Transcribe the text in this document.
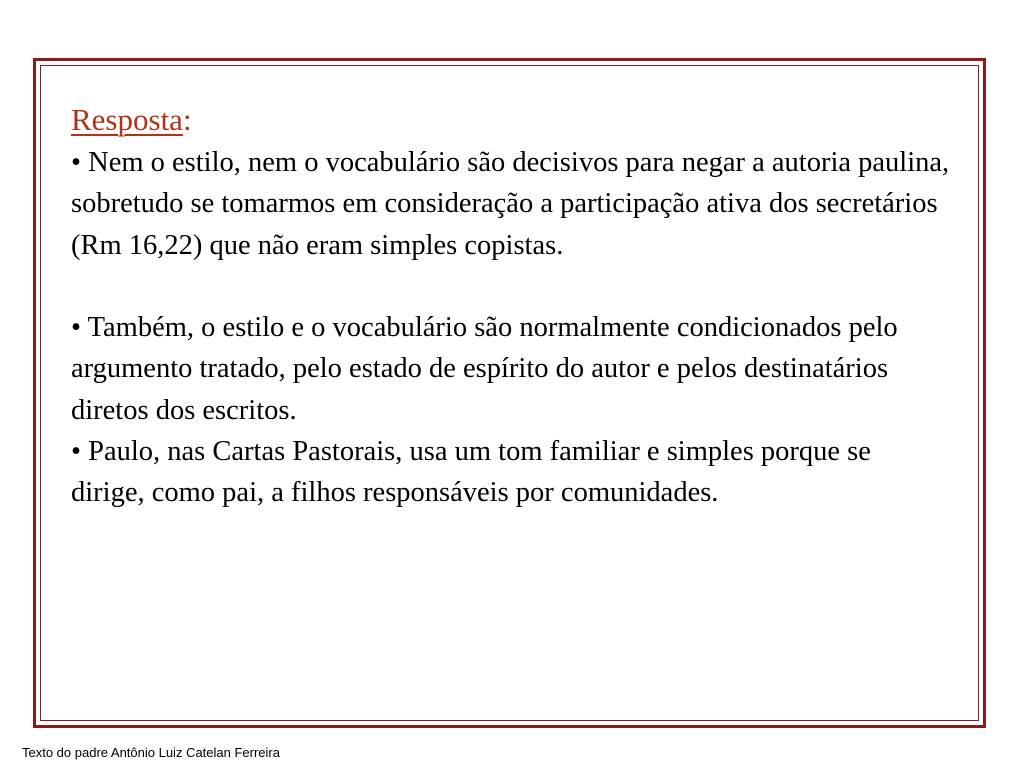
Resposta:

• Nem o estilo, nem o vocabulário são decisivos para negar a autoria paulina, sobretudo se tomarmos em consideração a participação ativa dos secretários (Rm 16,22) que não eram simples copistas.

• Também, o estilo e o vocabulário são normalmente condicionados pelo argumento tratado, pelo estado de espírito do autor e pelos destinatários diretos dos escritos.

• Paulo, nas Cartas Pastorais, usa um tom familiar e simples porque se dirige, como pai, a filhos responsáveis por comunidades.

Texto do padre Antônio Luiz Catelan Ferreira
